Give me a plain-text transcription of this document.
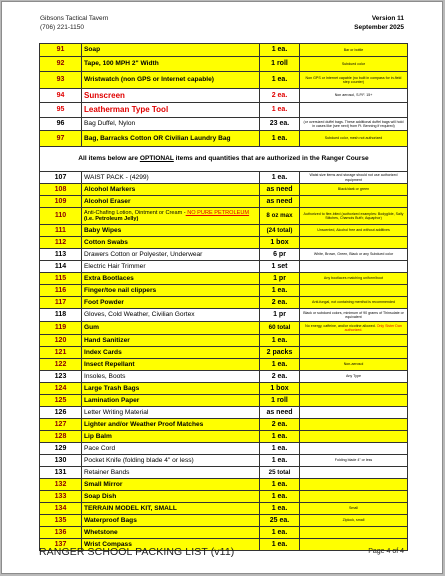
Gibsons Tactical Tavern
(706) 221-1150
Version 11
September 2025
91	Soap	1 ea.	Bar or bottle
92	Tape, 100 MPH 2" Width	1 roll	Subdued color
93	Wristwatch (non GPS or Internet capable)	1 ea.	Non GPS or Internet capable (no built in compass for in-field step counter)
94	Sunscreen	2 ea.	Non aerosol, S.P.F. 15+
95	Leatherman Type Tool	1 ea.	
96	Bag Duffel, Nylon	23 ea.	(or oversized duffel bags. These additional duffel bags will hold in cases like (see next) from Ft. Benning if required)
97	Bag, Barracks Cotton OR Civilian Laundry Bag	1 ea.	Subdued color, mesh not authorized
All items below are OPTIONAL items and quantities that are authorized in the Ranger Course			
107	WAIST PACK - (4299)	1 ea.	Waist size items and storage should not use authorized equipment
108	Alcohol Markers	as need	Black/dark or green
109	Alcohol Eraser	as need	
110	Anti-Chafing Lotion, Ointment or Cream - NO PURE PETROLEUM (i.e. Petroleum Jelly)	8 oz max	Authorized to flee-bited (authorized examples: Bodyglide, Sally Stitches, Chamois Butt'r, Aquaphor)
111	Baby Wipes	(24 total)	Unscented, Alcohol free and without additives
112	Cotton Swabs	1 box	
113	Drawers Cotton or Polyester, Underwear	6 pr	White, Brown, Green, Black or any Subdued color
114	Electric Hair Trimmer	1 set	
115	Extra Bootlaces	1 pr	Any bootlaces matching uniform/boot
116	Finger/toe nail clippers	1 ea.	
117	Foot Powder	2 ea.	Anti-fungal, not containing menthol is recommended
118	Gloves, Cold Weather, Civilian Gortex	1 pr	Black or subdued colors, minimum of 90 grams of Thinsulate or equivalent
119	Gum	60 total	No energy, caffeine, and/or nicotine allowed. Only Sister Dan authorized.
120	Hand Sanitizer	1 ea.	
121	Index Cards	2 packs	
122	Insect Repellant	1 ea.	Non-aerosol
123	Insoles, Boots	2 ea.	Any Type
124	Large Trash Bags	1 box	
125	Lamination Paper	1 roll	
126	Letter Writing Material	as need	
127	Lighter and/or Weather Proof Matches	2 ea.	
128	Lip Balm	1 ea.	
129	Pace Cord	1 ea.	
130	Pocket Knife (folding blade 4" or less)	1 ea.	Folding blade 4" or less
131	Retainer Bands	25 total	
132	Small Mirror	1 ea.	
133	Soap Dish	1 ea.	
134	TERRAIN MODEL KIT, SMALL	1 ea.	Small
135	Waterproof Bags	25 ea.	Ziplock, small
136	Whetstone	1 ea.	
137	Wrist Compass	1 ea.	
RANGER SCHOOL PACKING LIST (v11)	Page 4 of 4
